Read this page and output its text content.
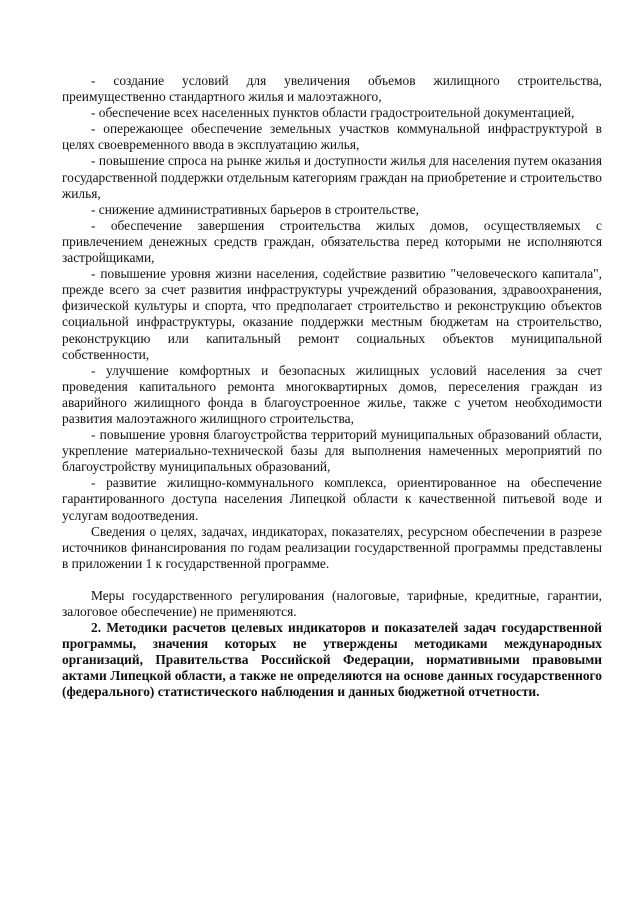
- создание условий для увеличения объемов жилищного строительства, преимущественно стандартного жилья и малоэтажного,

- обеспечение всех населенных пунктов области градостроительной документацией,

- опережающее обеспечение земельных участков коммунальной инфраструктурой в целях своевременного ввода в эксплуатацию жилья,

- повышение спроса на рынке жилья и доступности жилья для населения путем оказания государственной поддержки отдельным категориям граждан на приобретение и строительство жилья,

- снижение административных барьеров в строительстве,

- обеспечение завершения строительства жилых домов, осуществляемых с привлечением денежных средств граждан, обязательства перед которыми не исполняются застройщиками,

- повышение уровня жизни населения, содействие развитию "человеческого капитала", прежде всего за счет развития инфраструктуры учреждений образования, здравоохранения, физической культуры и спорта, что предполагает строительство и реконструкцию объектов социальной инфраструктуры, оказание поддержки местным бюджетам на строительство, реконструкцию или капитальный ремонт социальных объектов муниципальной собственности,

- улучшение комфортных и безопасных жилищных условий населения за счет проведения капитального ремонта многоквартирных домов, переселения граждан из аварийного жилищного фонда в благоустроенное жилье, также с учетом необходимости развития малоэтажного жилищного строительства,

- повышение уровня благоустройства территорий муниципальных образований области, укрепление материально-технической базы для выполнения намеченных мероприятий по благоустройству муниципальных образований,

- развитие жилищно-коммунального комплекса, ориентированное на обеспечение гарантированного доступа населения Липецкой области к качественной питьевой воде и услугам водоотведения.

Сведения о целях, задачах, индикаторах, показателях, ресурсном обеспечении в разрезе источников финансирования по годам реализации государственной программы представлены в приложении 1 к государственной программе.

Меры государственного регулирования (налоговые, тарифные, кредитные, гарантии, залоговое обеспечение) не применяются.

2. Методики расчетов целевых индикаторов и показателей задач государственной программы, значения которых не утверждены методиками международных организаций, Правительства Российской Федерации, нормативными правовыми актами Липецкой области, а также не определяются на основе данных государственного (федерального) статистического наблюдения и данных бюджетной отчетности.
